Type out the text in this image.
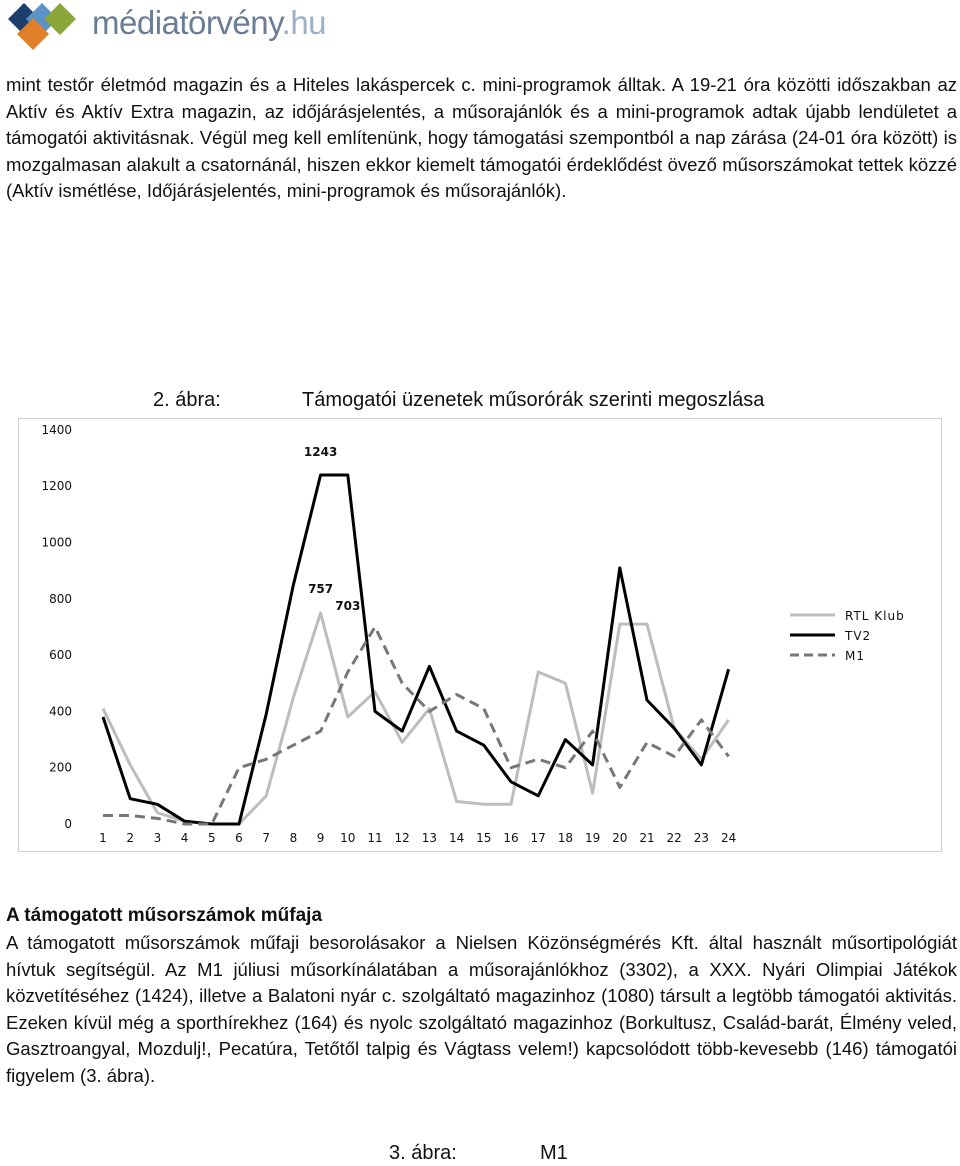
médiatörvény.hu

mint testőr életmód magazin és a Hiteles lakáspercek c. mini-programok álltak. A 19-21 óra közötti időszakban az Aktív és Aktív Extra magazin, az időjárásjelentés, a műsorajánlók és a mini-programok adtak újabb lendületet a támogatói aktivitásnak. Végül meg kell említenünk, hogy támogatási szempontból a nap zárása (24-01 óra között) is mozgalmasan alakult a csatornánál, hiszen ekkor kiemelt támogatói érdeklődést övező műsorszámokat tettek közzé (Aktív ismétlése, Időjárásjelentés, mini-programok és műsorajánlók).

2. ábra:	Támogatói üzenetek műsorórák szerinti megoszlása
0
200
400
600
800
1000
1200
1400
1 2 3 4 5 6 7 8 9 10 11 12 13 14 15 16 17 18 19 20 21 22 23 24
1243
757
703
RTL Klub
TV2
M1
A támogatott műsorszámok műfaja

A támogatott műsorszámok műfaji besorolásakor a Nielsen Közönségmérés Kft. által használt műsortipológiát hívtuk segítségül. Az M1 júliusi műsorkínálatában a műsorajánlókhoz (3302), a XXX. Nyári Olimpiai Játékok közvetítéséhez (1424), illetve a Balatoni nyár c. szolgáltató magazinhoz (1080) társult a legtöbb támogatói aktivitás. Ezeken kívül még a sporthírekhez (164) és nyolc szolgáltató magazinhoz (Borkultusz, Család-barát, Élmény veled, Gasztroangyal, Mozdulj!, Pecatúra, Tetőtől talpig és Vágtass velem!) kapcsolódott több-kevesebb (146) támogatói figyelem (3. ábra).

3. ábra:	M1
